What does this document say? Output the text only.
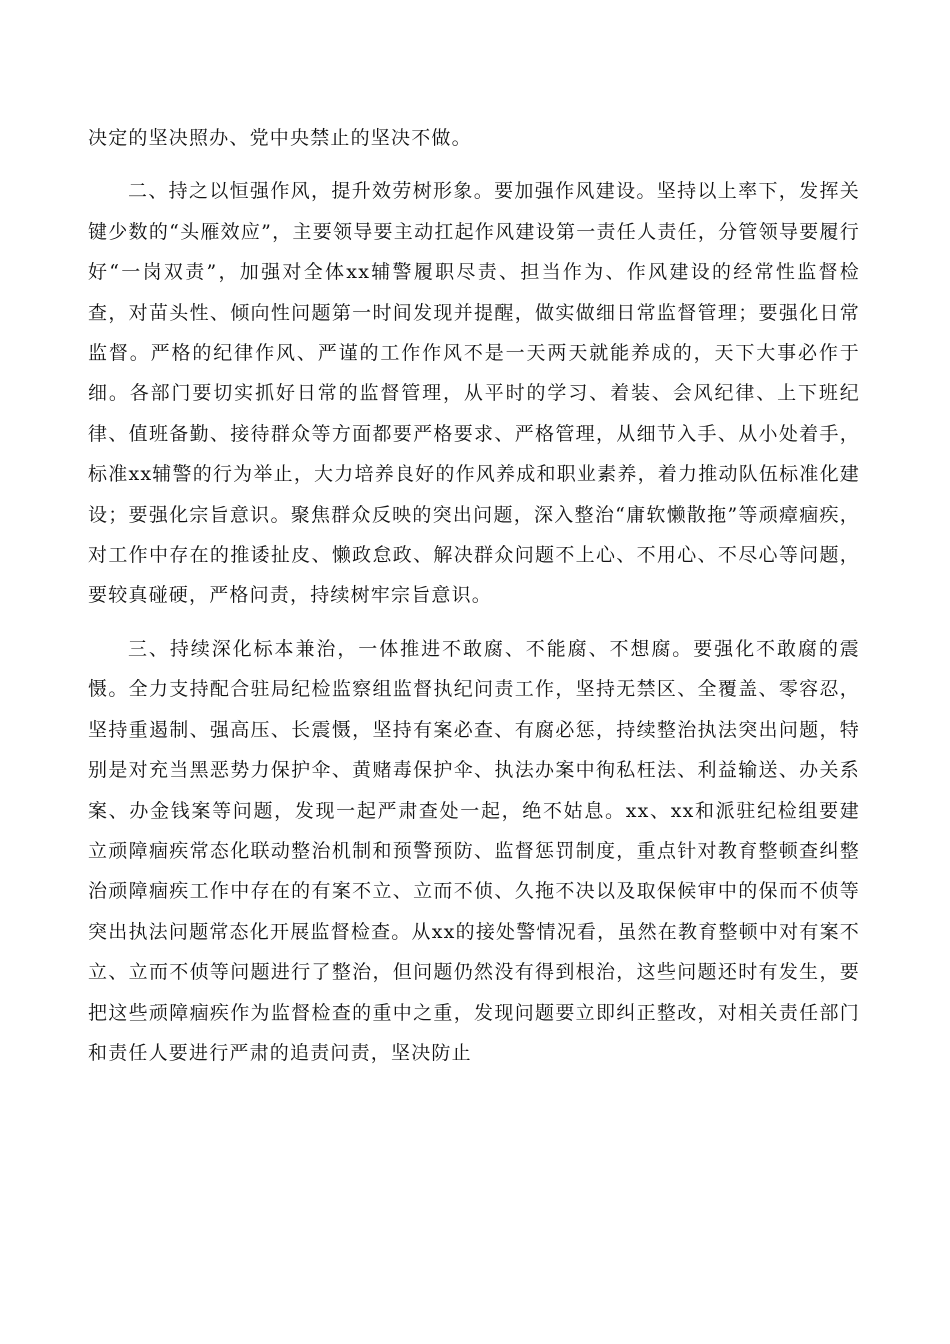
决定的坚决照办、党中央禁止的坚决不做。

二、持之以恒强作风，提升效劳树形象。要加强作风建设。坚持以上率下，发挥关键少数的“头雁效应”，主要领导要主动扛起作风建设第一责任人责任，分管领导要履行好“一岗双责”，加强对全体xx辅警履职尽责、担当作为、作风建设的经常性监督检查，对苗头性、倾向性问题第一时间发现并提醒，做实做细日常监督管理；要强化日常监督。严格的纪律作风、严谨的工作作风不是一天两天就能养成的，天下大事必作于细。各部门要切实抓好日常的监督管理，从平时的学习、着装、会风纪律、上下班纪律、值班备勤、接待群众等方面都要严格要求、严格管理，从细节入手、从小处着手，标准xx辅警的行为举止，大力培养良好的作风养成和职业素养，着力推动队伍标准化建设；要强化宗旨意识。聚焦群众反映的突出问题，深入整治“庸软懒散拖”等顽瘴痼疾，对工作中存在的推诿扯皮、懒政怠政、解决群众问题不上心、不用心、不尽心等问题，要较真碰硬，严格问责，持续树牢宗旨意识。

三、持续深化标本兼治，一体推进不敢腐、不能腐、不想腐。要强化不敢腐的震慑。全力支持配合驻局纪检监察组监督执纪问责工作，坚持无禁区、全覆盖、零容忍，坚持重遏制、强高压、长震慑，坚持有案必查、有腐必惩，持续整治执法突出问题，特别是对充当黑恶势力保护伞、黄赌毒保护伞、执法办案中徇私枉法、利益输送、办关系案、办金钱案等问题，发现一起严肃查处一起，绝不姑息。xx、xx和派驻纪检组要建立顽障痼疾常态化联动整治机制和预警预防、监督惩罚制度，重点针对教育整顿查纠整治顽障痼疾工作中存在的有案不立、立而不侦、久拖不决以及取保候审中的保而不侦等突出执法问题常态化开展监督检查。从xx的接处警情况看，虽然在教育整顿中对有案不立、立而不侦等问题进行了整治，但问题仍然没有得到根治，这些问题还时有发生，要把这些顽障痼疾作为监督检查的重中之重，发现问题要立即纠正整改，对相关责任部门和责任人要进行严肃的追责问责，坚决防止
